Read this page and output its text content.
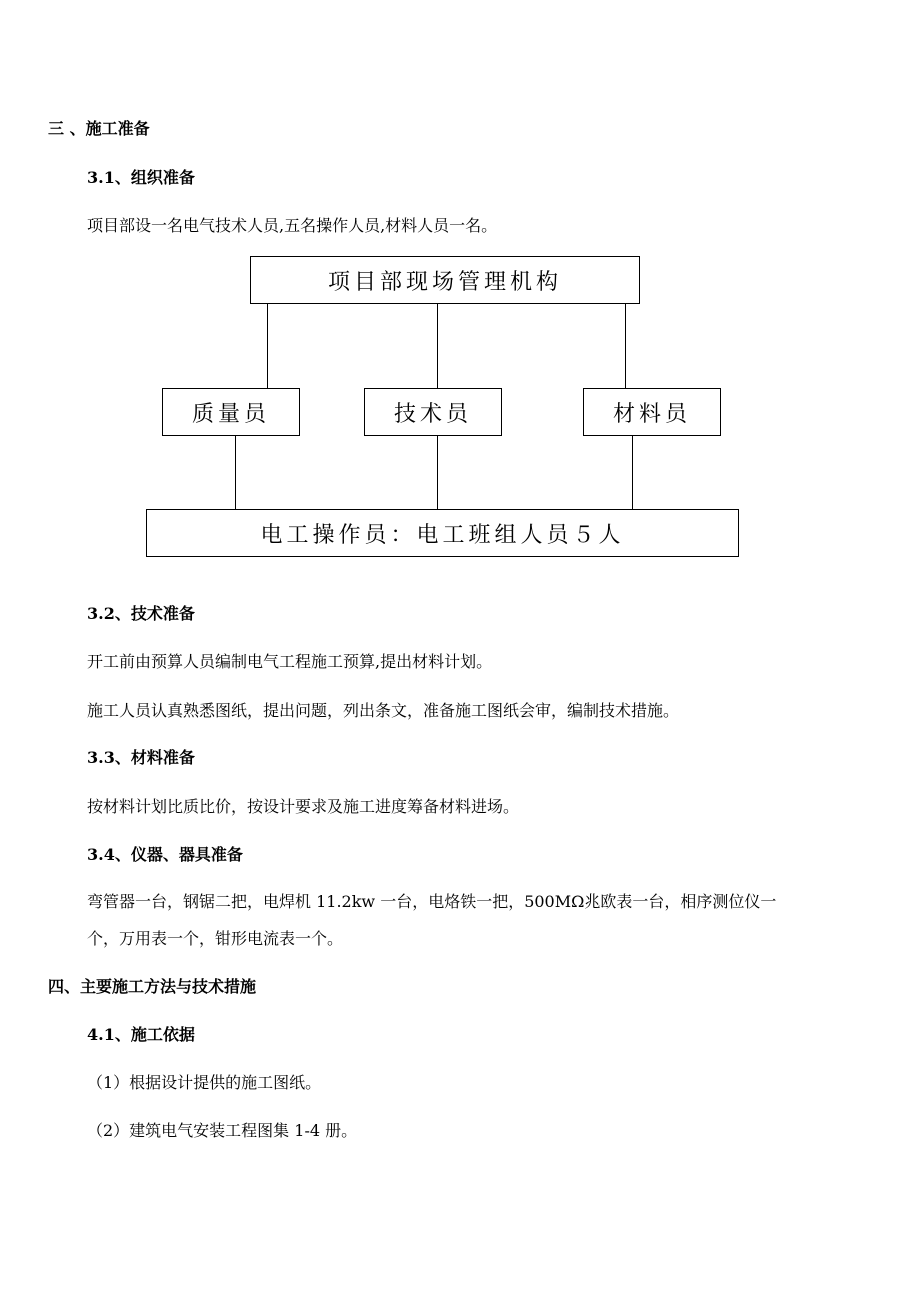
三 、施工准备
3.1、组织准备
项目部设一名电气技术人员,五名操作人员,材料人员一名。
项目部现场管理机构
质量员	技术员	材料员
电工操作员：电工班组人员５人
3.2、技术准备
开工前由预算人员编制电气工程施工预算,提出材料计划。
施工人员认真熟悉图纸，提出问题，列出条文，准备施工图纸会审，编制技术措施。
3.3、材料准备
按材料计划比质比价，按设计要求及施工进度筹备材料进场。
3.4、仪器、器具准备
弯管器一台，钢锯二把，电焊机 11.2kw 一台，电烙铁一把，500MΩ兆欧表一台，相序测位仪一
个，万用表一个，钳形电流表一个。
四、主要施工方法与技术措施
4.1、施工依据
（1）根据设计提供的施工图纸。
（2）建筑电气安装工程图集 1-4 册。
